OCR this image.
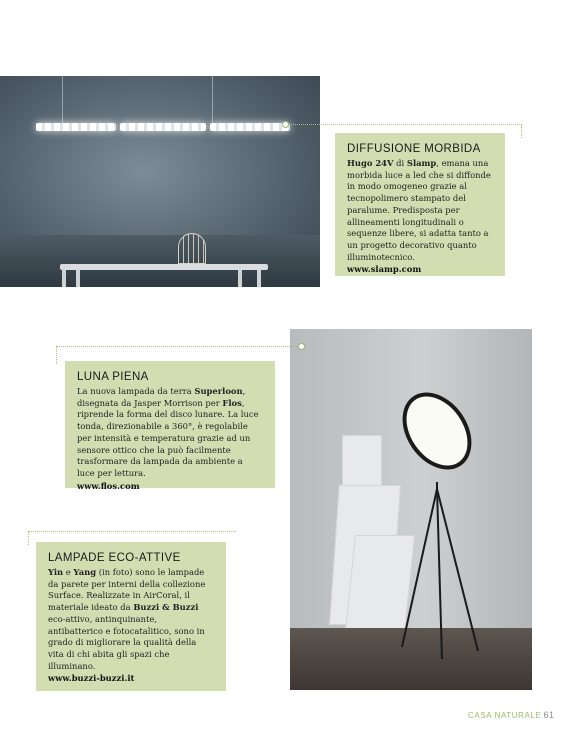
DIFFUSIONE MORBIDA

Hugo 24V di Slamp, emana una morbida luce a led che si diffonde in modo omogeneo grazie al tecnopolimero stampato del paralume. Predisposta per allineamenti longitudinali o sequenze libere, si adatta tanto a un progetto decorativo quanto illuminotecnico.

www.slamp.com
LUNA PIENA

La nuova lampada da terra Superloon, disegnata da Jasper Morrison per Flos, riprende la forma del disco lunare. La luce tonda, direzionabile a 360°, è regolabile per intensità e temperatura grazie ad un sensore ottico che la può facilmente trasformare da lampada da ambiente a luce per lettura.

www.flos.com
LAMPADE ECO-ATTIVE

Yin e Yang (in foto) sono le lampade da parete per interni della collezione Surface. Realizzate in AirCoral, il materiale ideato da Buzzi & Buzzi eco-attivo, antinquinante, antibatterico e fotocatalitico, sono in grado di migliorare la qualità della vita di chi abita gli spazi che illuminano.

www.buzzi-buzzi.it
CASA NATURALE 61
